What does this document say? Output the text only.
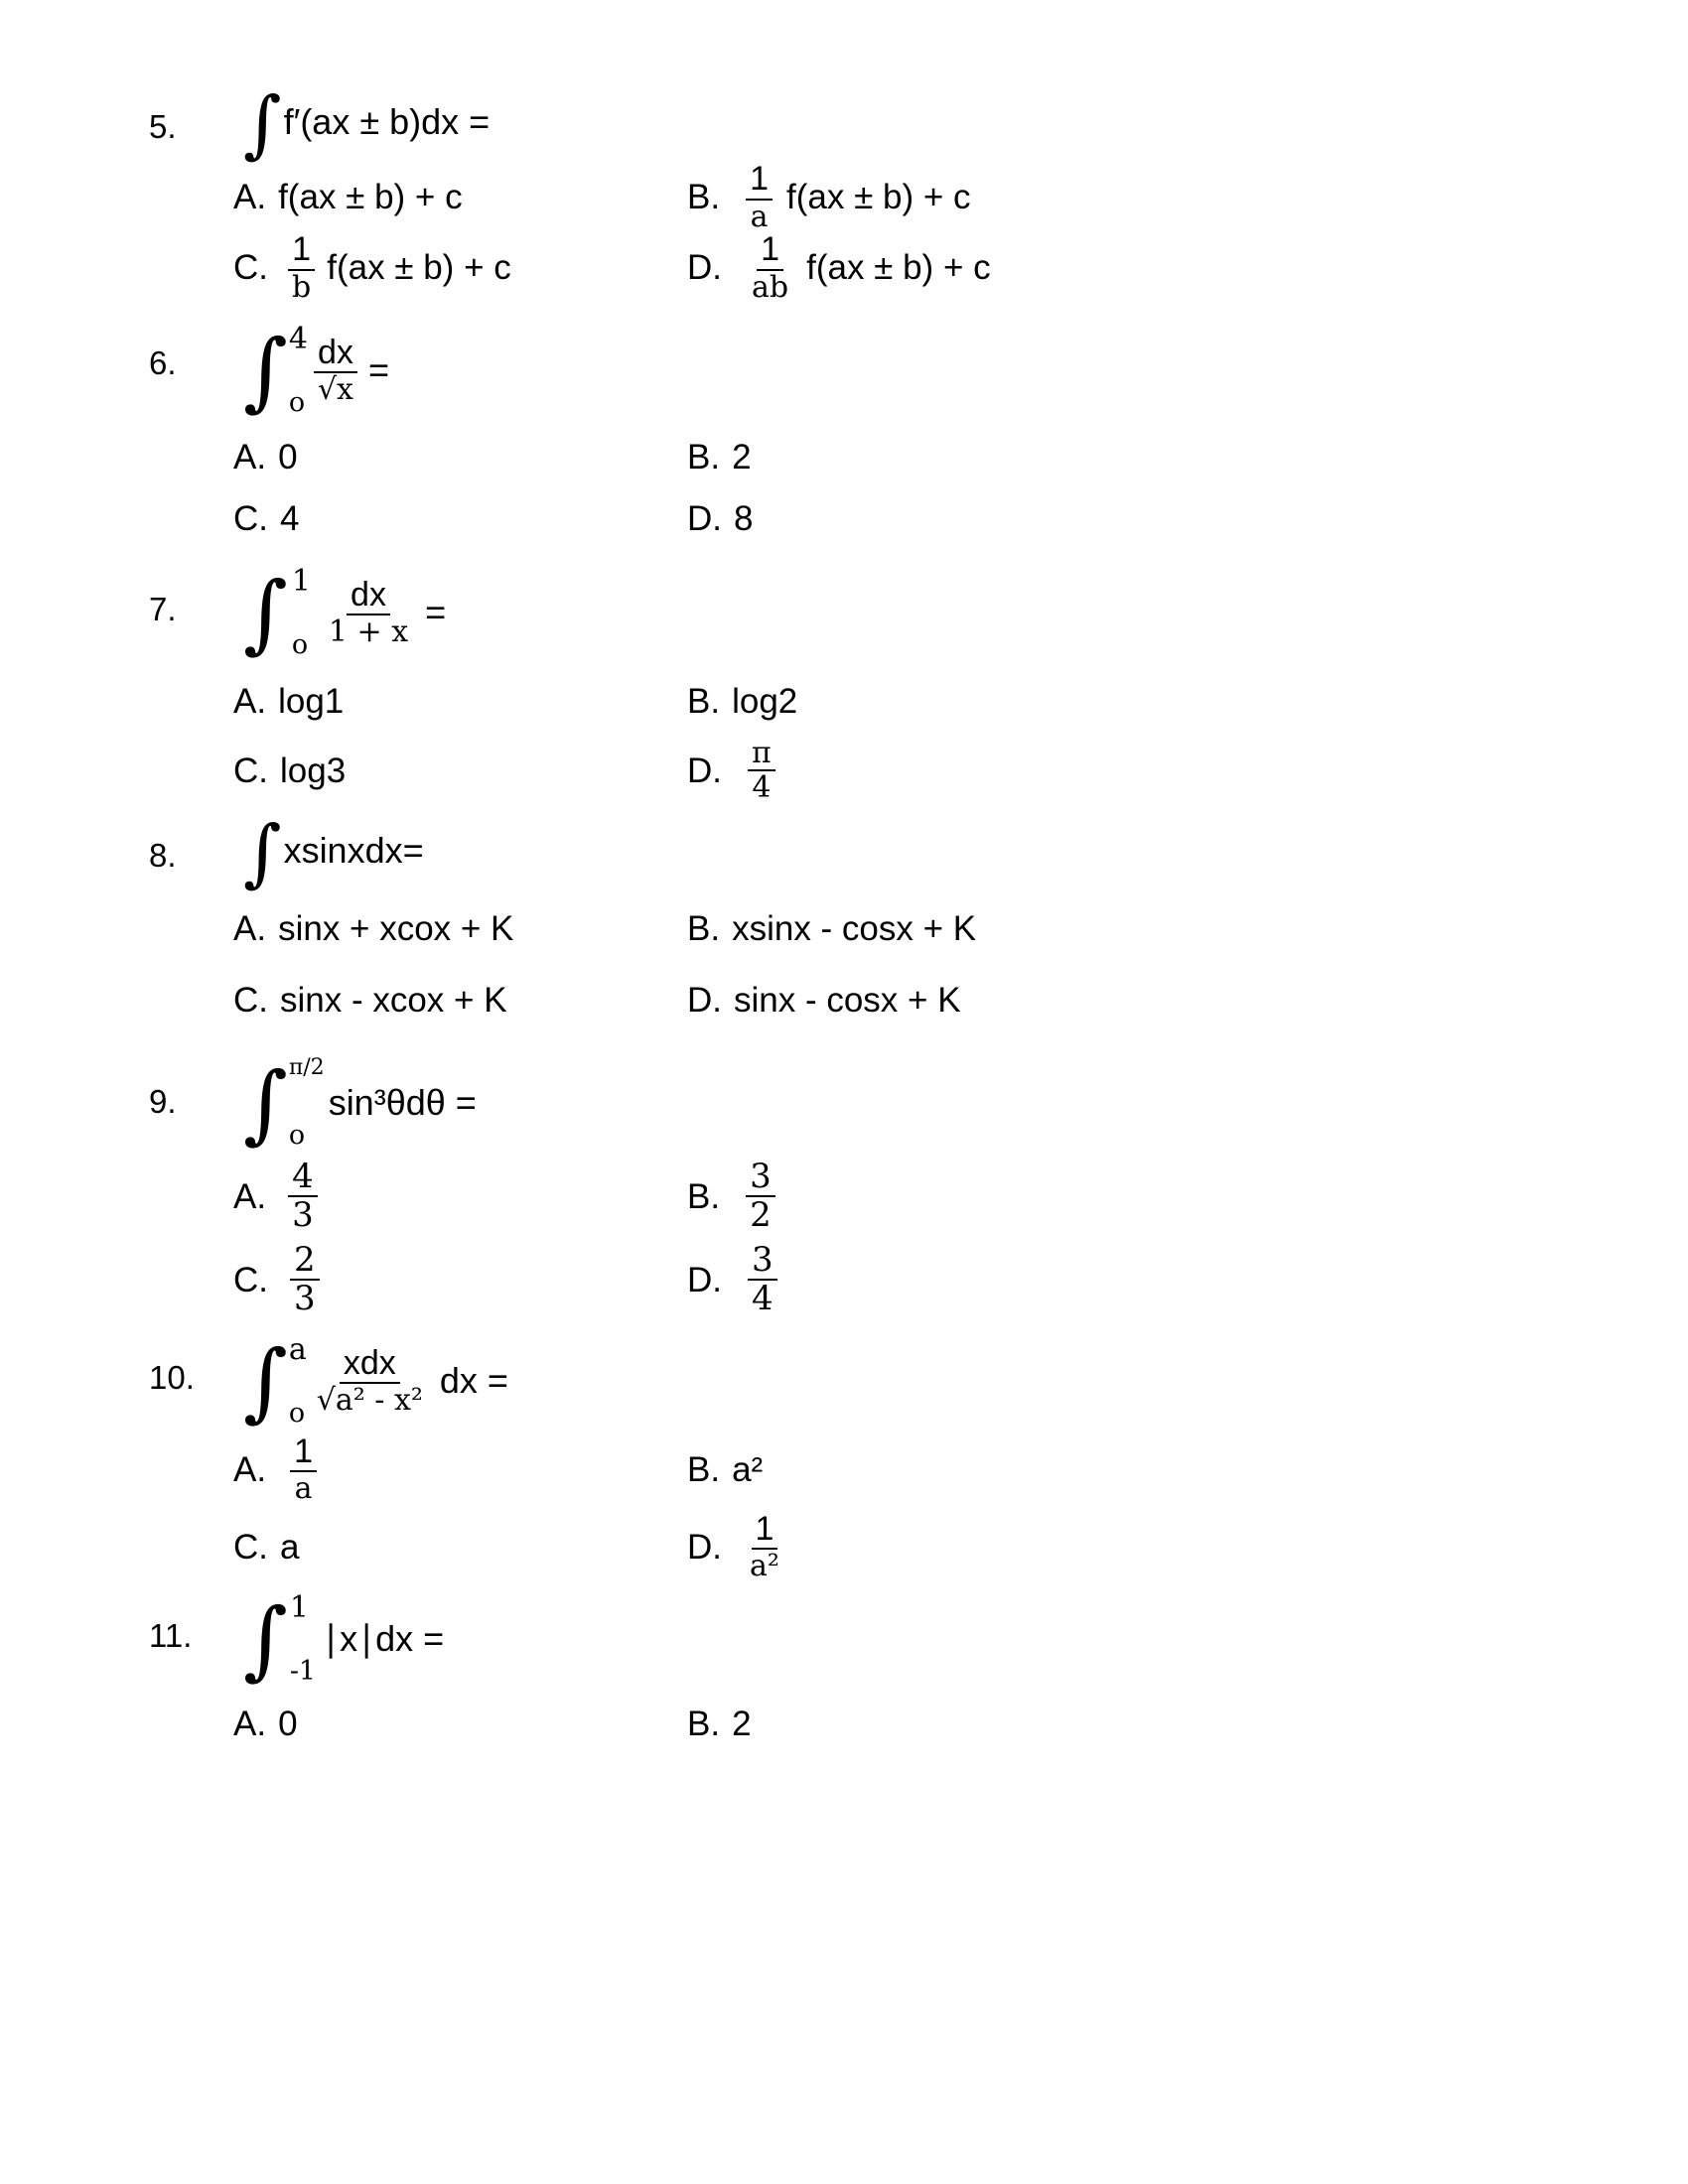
5. ∫ f′(ax ± b)dx =
A. f(ax ± b) + c	B. $\frac{1}{a} f(ax \pm b) + c$
C. $\frac{1}{b} f(ax \pm b) + c$	D. $\frac{1}{ab} f(ax \pm b) + c$
6. ∫ 4
o $\frac{dx}{√x}$ =
A. 0	B. 2
C. 4	D. 8
7. ∫ 1
o $\frac{dx}{1 + x}$ =
A. log1	B. log2
C. log3	D. $\frac{\pi}{4}$
8. ∫ xsinxdx=
A. sinx + xcox + K	B. xsinx - cosx + K
C. sinx - xcox + K	D. sinx - cosx + K
9. ∫ π/2
o
sin³θdθ =
A. $\frac{4}{3}$	B. $\frac{3}{2}$
C. $\frac{2}{3}$	D. $\frac{3}{4}$
10. ∫ a
o $\frac{\text{xdx}}{\text{√a² - x²}}$ dx =
A. $\frac{1}{a}$	B. a²
C. a	D. $\frac{1}{\text{a²}}$
11. ∫ 1
-1
∣x∣dx =
A. 0	B. 2
